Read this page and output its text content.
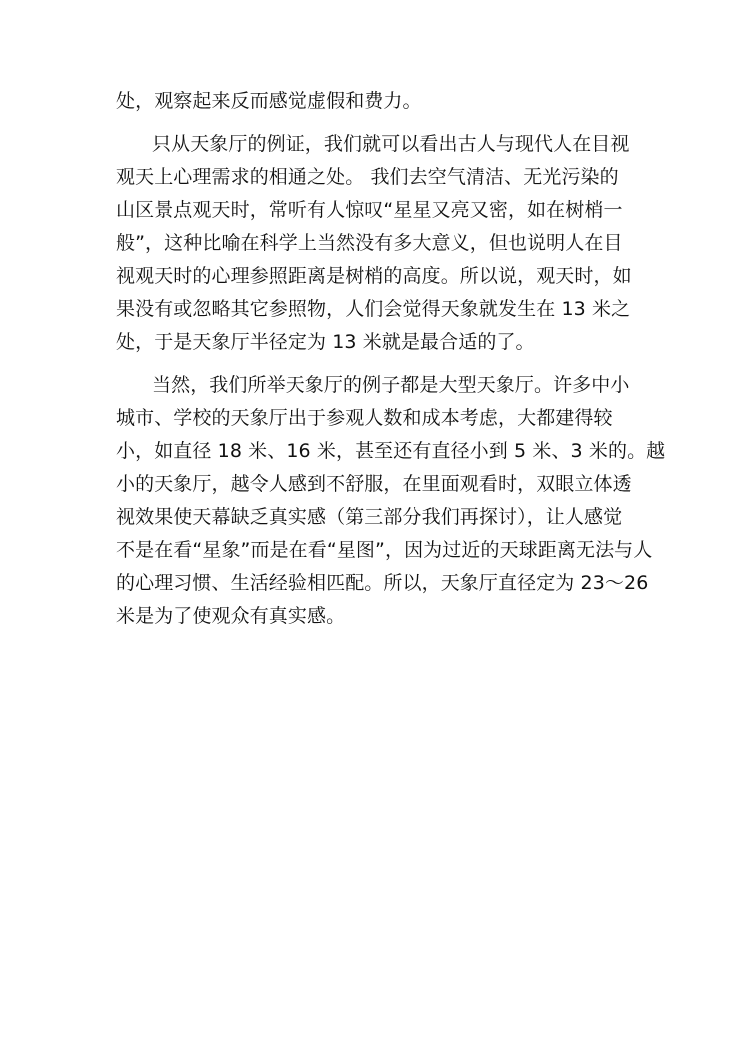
处，观察起来反而感觉虚假和费力。
只从天象厅的例证，我们就可以看出古人与现代人在目视
观天上心理需求的相通之处。 我们去空气清洁、无光污染的
山区景点观天时，常听有人惊叹“星星又亮又密，如在树梢一
般”，这种比喻在科学上当然没有多大意义，但也说明人在目
视观天时的心理参照距离是树梢的高度。所以说，观天时，如
果没有或忽略其它参照物，人们会觉得天象就发生在 13 米之
处，于是天象厅半径定为 13 米就是最合适的了。
当然，我们所举天象厅的例子都是大型天象厅。许多中小
城市、学校的天象厅出于参观人数和成本考虑，大都建得较
小，如直径 18 米、16 米，甚至还有直径小到 5 米、3 米的。越
小的天象厅，越令人感到不舒服，在里面观看时，双眼立体透
视效果使天幕缺乏真实感（第三部分我们再探讨），让人感觉
不是在看“星象”而是在看“星图”，因为过近的天球距离无法与人
的心理习惯、生活经验相匹配。所以，天象厅直径定为 23～26
米是为了使观众有真实感。
